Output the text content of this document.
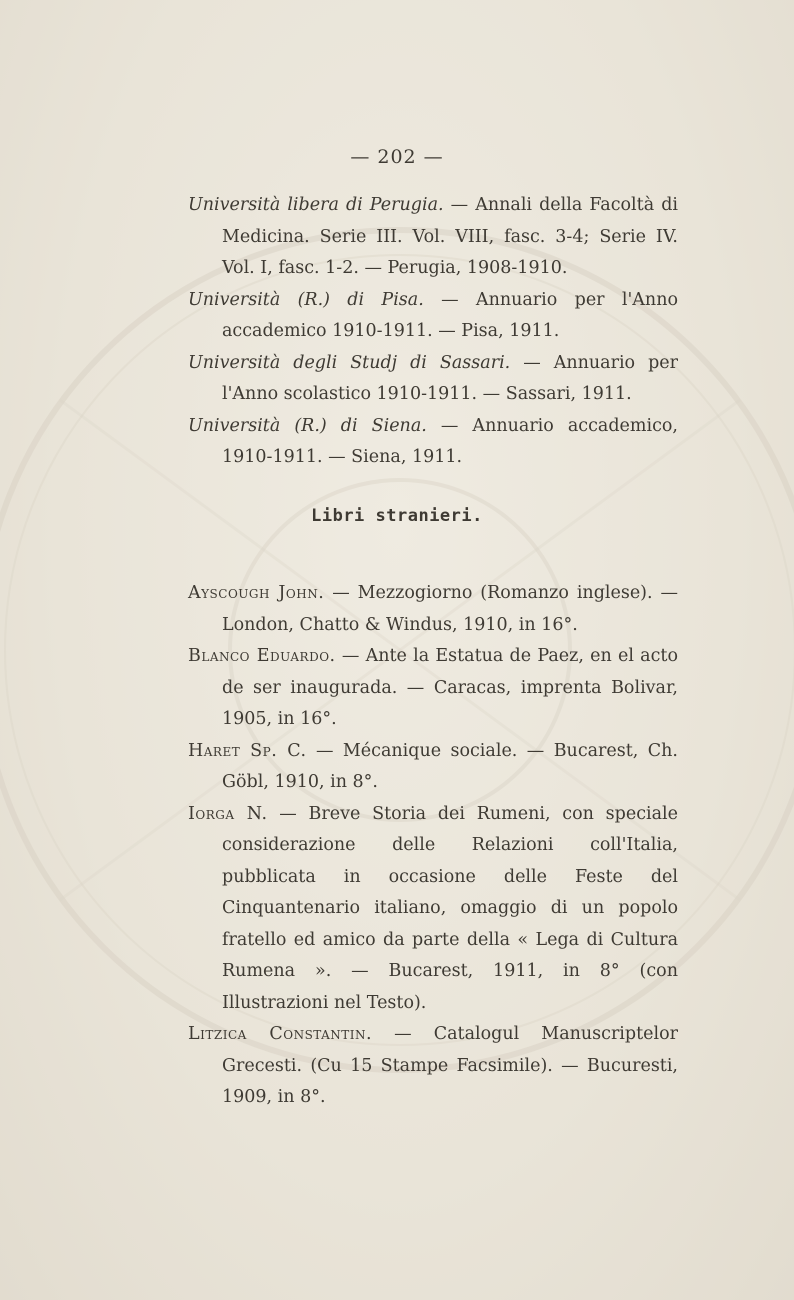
— 202 —

Università libera di Perugia. — Annali della Facoltà di Medicina. Serie III. Vol. VIII, fasc. 3-4; Serie IV. Vol. I, fasc. 1-2. — Perugia, 1908-1910.

Università (R.) di Pisa. — Annuario per l'Anno accademico 1910-1911. — Pisa, 1911.

Università degli Studj di Sassari. — Annuario per l'Anno scolastico 1910-1911. — Sassari, 1911.

Università (R.) di Siena. — Annuario accademico, 1910-1911. — Siena, 1911.

Libri stranieri.

Ayscough John. — Mezzogiorno (Romanzo inglese). — London, Chatto & Windus, 1910, in 16°.

Blanco Eduardo. — Ante la Estatua de Paez, en el acto de ser inaugurada. — Caracas, imprenta Bolivar, 1905, in 16°.

Haret Sp. C. — Mécanique sociale. — Bucarest, Ch. Göbl, 1910, in 8°.

Iorga N. — Breve Storia dei Rumeni, con speciale considerazione delle Relazioni coll'Italia, pubblicata in occasione delle Feste del Cinquantenario italiano, omaggio di un popolo fratello ed amico da parte della « Lega di Cultura Rumena ». — Bucarest, 1911, in 8° (con Illustrazioni nel Testo).

Litzica Constantin. — Catalogul Manuscriptelor Grecesti. (Cu 15 Stampe Facsimile). — Bucuresti, 1909, in 8°.
